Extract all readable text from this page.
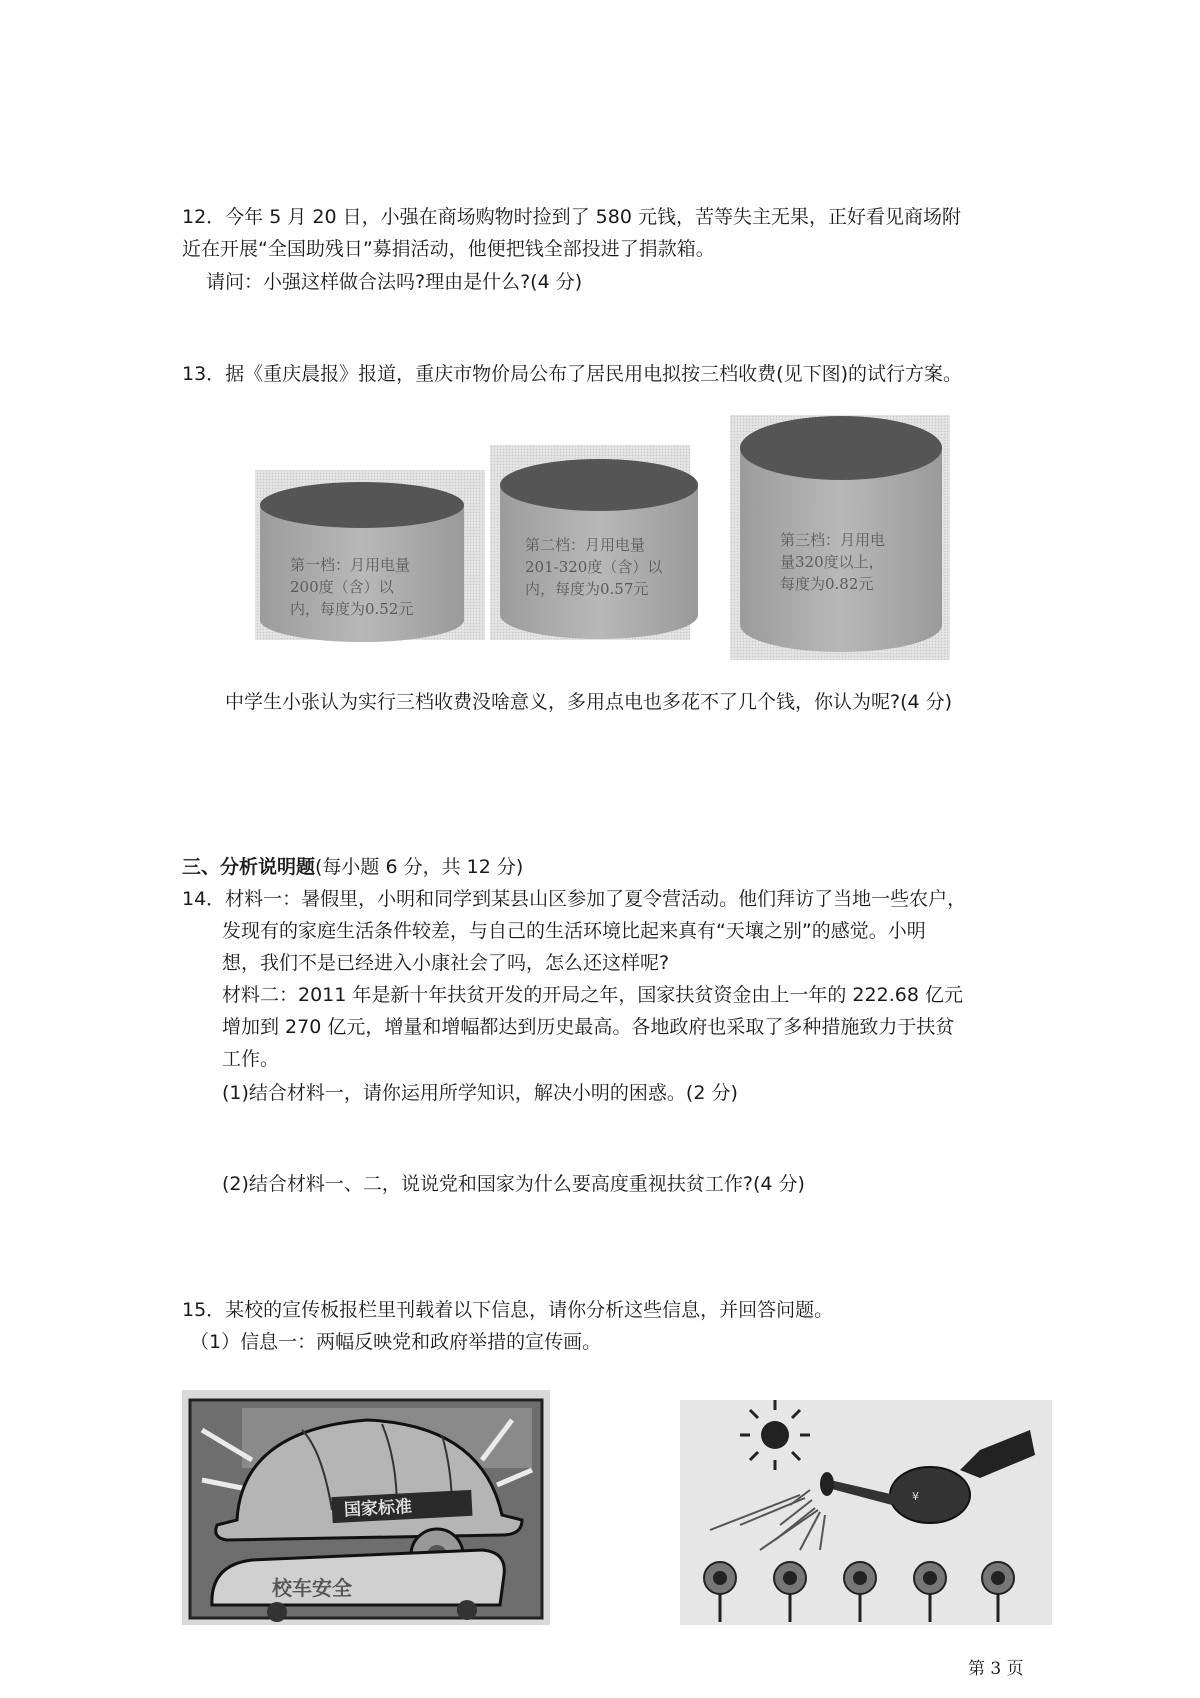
12．今年 5 月 20 日，小强在商场购物时捡到了 580 元钱，苦等失主无果，正好看见商场附
近在开展“全国助残日”募捐活动，他便把钱全部投进了捐款箱。
请问：小强这样做合法吗?理由是什么?(4 分)
13．据《重庆晨报》报道，重庆市物价局公布了居民用电拟按三档收费(见下图)的试行方案。
第一档：月用电量
200度（含）以
内，每度为0.52元
第二档：月用电量
201-320度（含）以
内，每度为0.57元
第三档：月用电
量320度以上，
每度为0.82元
中学生小张认为实行三档收费没啥意义，多用点电也多花不了几个钱，你认为呢?(4 分)
三、分析说明题(每小题 6 分，共 12 分)
14．材料一：暑假里，小明和同学到某县山区参加了夏令营活动。他们拜访了当地一些农户，
发现有的家庭生活条件较差，与自己的生活环境比起来真有“天壤之别”的感觉。小明
想，我们不是已经进入小康社会了吗，怎么还这样呢?
材料二：2011 年是新十年扶贫开发的开局之年，国家扶贫资金由上一年的 222.68 亿元
增加到 270 亿元，增量和增幅都达到历史最高。各地政府也采取了多种措施致力于扶贫
工作。
(1)结合材料一，请你运用所学知识，解决小明的困惑。(2 分)
(2)结合材料一、二，说说党和国家为什么要高度重视扶贫工作?(4 分)
15．某校的宣传板报栏里刊载着以下信息，请你分析这些信息，并回答问题。
（1）信息一：两幅反映党和政府举措的宣传画。
国家标准
校车安全
¥
第 3 页
